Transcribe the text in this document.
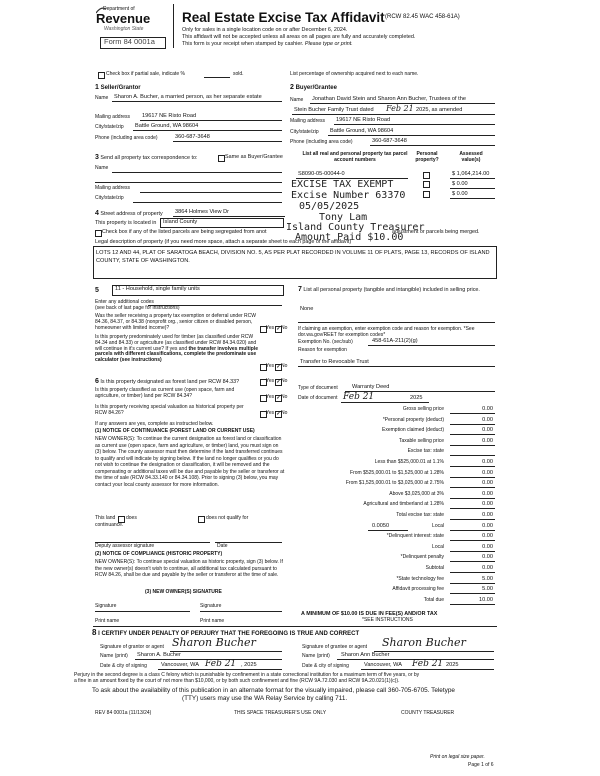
Department of
Revenue
Washington State
Form 84 0001a
Real Estate Excise Tax Affidavit (RCW 82.45 WAC 458-61A)
Only for sales in a single location code on or after December 6, 2024.
This affidavit will not be accepted unless all areas on all pages are fully and accurately completed.
This form is your receipt when stamped by cashier. Please type or print.
Check box if partial sale, indicate %	sold.	List percentage of ownership acquired next to each name.
1 Seller/Grantor
Name Sharon A. Bucher, a married person, as her separate estate
Mailing address 19617 NE Risto Road
City/state/zip Battle Ground, WA 98604
Phone (including area code)	360-687-3648
2 Buyer/Grantee
Name Jonathan David Stein and Sharon Ann Bucher, Trustees of the
Stein Bucher Family Trust dated Feb 21 2025, as amended
Mailing address 19617 NE Risto Road
City/state/zip Battle Ground, WA 98604
Phone (including area code)	360-687-3648
3 Send all property tax correspondence to:	Same as Buyer/Grantee
Name
Mailing address
City/state/zip
List all real and personal property tax parcel account numbers
Personal property?
Assessed value(s)
S8090-05-00044-0	$ 1,064,214.00
$ 0.00
$ 0.00
EXCISE TAX EXEMPT
Excise Number 63370
05/05/2025
Tony Lam
Island County Treasurer
Amount Paid $10.00
4 Street address of property 3864 Holmes View Dr
This property is located in Island County
Check box if any of the listed parcels are being segregated from anot	adjustment or parcels being merged.
Legal description of property (if you need more space, attach a separate sheet to each page of the affidavit)
LOTS 12 AND 44, PLAT OF SARATOGA BEACH, DIVISION NO. 5, AS PER PLAT RECORDED IN VOLUME 11 OF PLATS, PAGE 13, RECORDS OF ISLAND COUNTY, STATE OF WASHINGTON.
5	11 - Household, single family units
Enter any additional codes
(see back of last page for instructions)
Was the seller receiving a property tax exemption or deferral under RCW 84.36, 84.37, or 84.38 (nonprofit org., senior citizen or disabled person, homeowner with limited income)?	Yes ✓ No
Is this property predominately used for timber (as classified under RCW 84.34 and 84.33) or agriculture (as classified under RCW 84.34.020) and will continue in it's current use? If yes and the transfer involves multiple parcels with different classifications, complete the predominate use calculator (see instructions)
Yes ✓ No
6 Is this property designated as forest land per RCW 84.33?	Yes ✓ No
Is this property classified as current use (open space, farm and agriculture, or timber) land per RCW 84.34?	Yes ✓ No
Is this property receiving special valuation as historical property per RCW 84.26?	Yes ✓ No
If any answers are yes, complete as instructed below.
(1) NOTICE OF CONTINUANCE (FOREST LAND OR CURRENT USE)
NEW OWNER(S): To continue the current designation as forest land or classification as current use (open space, farm and agriculture, or timber) land, you must sign on (3) below. The county assessor must then determine if the land transferred continues to qualify and will indicate by signing below. If the land no longer qualifies or you do not wish to continue the designation or classification, it will be removed and the compensating or additional taxes will be due and payable by the seller or transferor at the time of sale (RCW 84.33.140 or 84.34.108). Prior to signing (3) below, you may contact your local county assessor for more information.
This land does	does not qualify for
continuance.
Deputy assessor signature	Date
(2) NOTICE OF COMPLIANCE (HISTORIC PROPERTY)
NEW OWNER(S): To continue special valuation as historic property, sign (3) below. If the new owner(s) doesn't wish to continue, all additional tax calculated pursuant to RCW 84.26, shall be due and payable by the seller or transferor at the time of sale.
(3) NEW OWNER(S) SIGNATURE
Signature	Signature
Print name	Print name
7 List all personal property (tangible and intangible) included in selling price.
None
If claiming an exemption, enter exemption code and reason for exemption. *See dor.wa.gov/REET for exemption codes*
Exemption No. (sec/sub)	458-61A-211(2)(g)
Reason for exemption
Transfer to Revocable Trust
Type of document	Warranty Deed
Date of document Feb 21	2025
Gross selling price	0.00
*Personal property (deduct)	0.00
Exemption claimed (deduct)	0.00
Taxable selling price	0.00
Excise tax: state
Less than $525,000.01 at 1.1%	0.00
From $525,000.01 to $1,525,000 at 1.28%	0.00
From $1,525,000.01 to $3,025,000 at 2.75%	0.00
Above $3,025,000 at 3%	0.00
Agricultural and timberland at 1.28%	0.00
Total excise tax: state	0.00
0.0050	Local	0.00
*Delinquent interest: state	0.00
Local	0.00
*Delinquent penalty	0.00
Subtotal	0.00
*State technology fee	5.00
Affidavit processing fee	5.00
Total due	10.00
A MINIMUM OF $10.00 IS DUE IN FEE(S) AND/OR TAX
*SEE INSTRUCTIONS
8 I CERTIFY UNDER PENALTY OF PERJURY THAT THE FOREGOING IS TRUE AND CORRECT
Signature of grantor or agent Sharon Bucher
Name (print) Sharon A. Bucher
Date & city of signing	Vancouver, WA Feb 21 , 2025
Signature of grantee or agent Sharon Bucher
Name (print) Sharon Ann Bucher
Date & city of signing	Vancouver, WA Feb 21 2025
Perjury in the second degree is a class C felony which is punishable by confinement in a state correctional institution for a maximum term of five years, or by
a fine in an amount fixed by the court of not more than $10,000, or by both such confinement and fine (RCW 9A.72.030 and RCW 9A.20.021(1)(c)).
To ask about the availability of this publication in an alternate format for the visually impaired, please call 360-705-6705. Teletype
(TTY) users may use the WA Relay Service by calling 711.
REV 84 0001a (11/13/24)	THIS SPACE TREASURER'S USE ONLY	COUNTY TREASURER
Print on legal size paper.
Page 1 of 6
